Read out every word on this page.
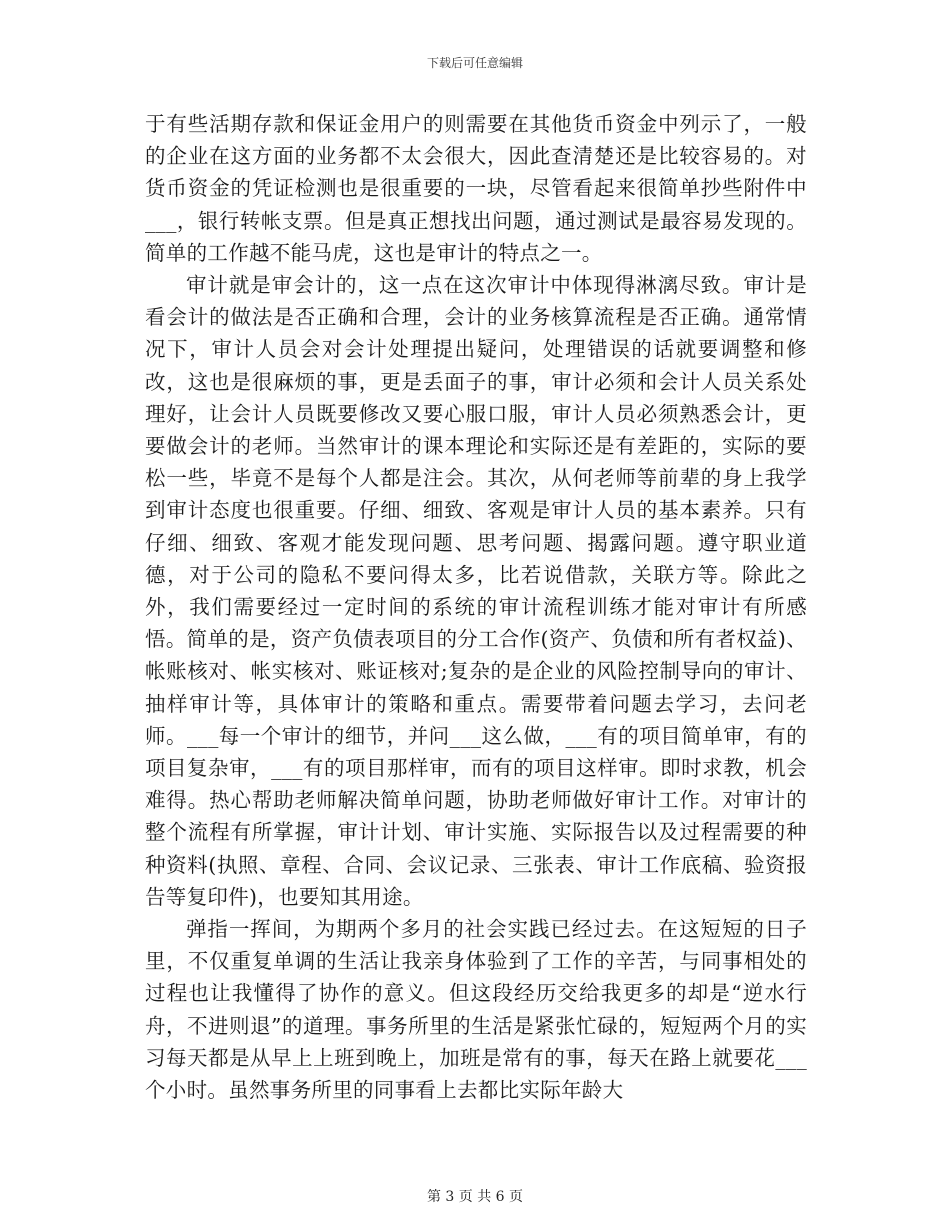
下载后可任意编辑

于有些活期存款和保证金用户的则需要在其他货币资金中列示了，一般的企业在这方面的业务都不太会很大，因此查清楚还是比较容易的。对货币资金的凭证检测也是很重要的一块，尽管看起来很简单抄些附件中___，银行转帐支票。但是真正想找出问题，通过测试是最容易发现的。简单的工作越不能马虎，这也是审计的特点之一。

审计就是审会计的，这一点在这次审计中体现得淋漓尽致。审计是看会计的做法是否正确和合理，会计的业务核算流程是否正确。通常情况下，审计人员会对会计处理提出疑问，处理错误的话就要调整和修改，这也是很麻烦的事，更是丢面子的事，审计必须和会计人员关系处理好，让会计人员既要修改又要心服口服，审计人员必须熟悉会计，更要做会计的老师。当然审计的课本理论和实际还是有差距的，实际的要松一些，毕竟不是每个人都是注会。其次，从何老师等前辈的身上我学到审计态度也很重要。仔细、细致、客观是审计人员的基本素养。只有仔细、细致、客观才能发现问题、思考问题、揭露问题。遵守职业道德，对于公司的隐私不要问得太多，比若说借款，关联方等。除此之外，我们需要经过一定时间的系统的审计流程训练才能对审计有所感悟。简单的是，资产负债表项目的分工合作(资产、负债和所有者权益)、帐账核对、帐实核对、账证核对;复杂的是企业的风险控制导向的审计、抽样审计等，具体审计的策略和重点。需要带着问题去学习，去问老师。___每一个审计的细节，并问___这么做，___有的项目简单审，有的项目复杂审，___有的项目那样审，而有的项目这样审。即时求教，机会难得。热心帮助老师解决简单问题，协助老师做好审计工作。对审计的整个流程有所掌握，审计计划、审计实施、实际报告以及过程需要的种种资料(执照、章程、合同、会议记录、三张表、审计工作底稿、验资报告等复印件)，也要知其用途。

弹指一挥间，为期两个多月的社会实践已经过去。在这短短的日子里，不仅重复单调的生活让我亲身体验到了工作的辛苦，与同事相处的过程也让我懂得了协作的意义。但这段经历交给我更多的却是“逆水行舟，不进则退”的道理。事务所里的生活是紧张忙碌的，短短两个月的实习每天都是从早上上班到晚上，加班是常有的事，每天在路上就要花___个小时。虽然事务所里的同事看上去都比实际年龄大

第 3 页 共 6 页
